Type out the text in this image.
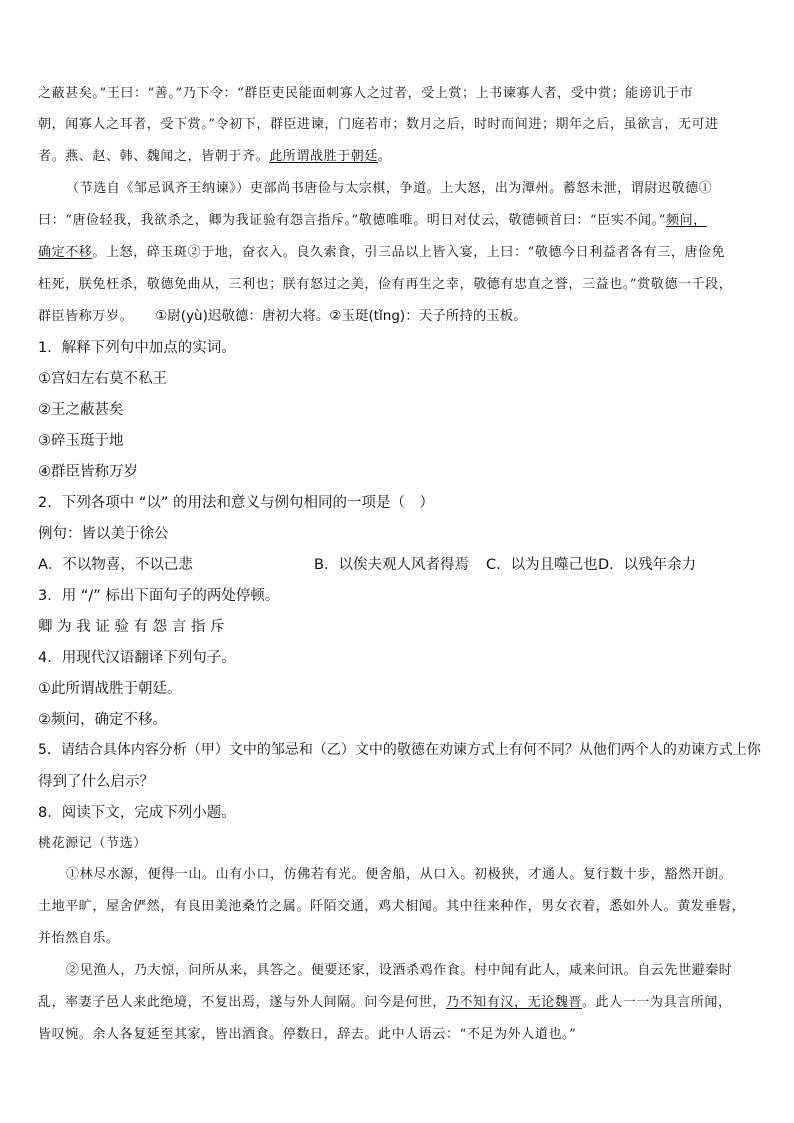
之蔽甚矣。”王曰：“善。”乃下令：“群臣吏民能面刺寡人之过者，受上赏；上书谏寡人者，受中赏；能谤讥于市
朝，闻寡人之耳者，受下赏。”令初下，群臣进谏，门庭若市；数月之后，时时而间进；期年之后，虽欲言，无可进
者。燕、赵、韩、魏闻之，皆朝于齐。此所谓战胜于朝廷。
（节选自《邹忌讽齐王纳谏》）吏部尚书唐俭与太宗棋，争道。上大怒，出为潭州。蓄怒未泄，谓尉迟敬德①
曰：“唐俭轻我，我欲杀之，卿为我证验有怨言指斥。”敬德唯唯。明日对仗云，敬德顿首曰：“臣实不闻。”频问，
确定不移。上怒，碎玉斑②于地，奋衣入。良久索食，引三品以上皆入宴，上曰：“敬德今日利益者各有三，唐俭免
枉死，朕免枉杀，敬德免曲从，三利也；朕有怒过之美，俭有再生之幸，敬德有忠直之誉，三益也。”赏敬德一千段，
群臣皆称万岁。 ①尉(yù)迟敬德：唐初大将。②玉珽(tǐng)：天子所持的玉板。
1．解释下列句中加点的实词。
①宫妇左右莫不私王
②王之蔽甚矣
③碎玉珽于地
④群臣皆称万岁
2．下列各项中 “以” 的用法和意义与例句相同的一项是（　）
例句：皆以美于徐公
A．不以物喜，不以己悲	B．以俟夫观人风者得焉 C．以为且噬己也 D．以残年余力
3．用 “/” 标出下面句子的两处停顿。
卿 为 我 证 验 有 怨 言 指 斥
4．用现代汉语翻译下列句子。
①此所谓战胜于朝廷。
②频问，确定不移。
5．请结合具体内容分析（甲）文中的邹忌和（乙）文中的敬德在劝谏方式上有何不同？从他们两个人的劝谏方式上你
得到了什么启示？
8．阅读下文，完成下列小题。
桃花源记（节选）
①林尽水源，便得一山。山有小口，仿佛若有光。便舍船，从口入。初极狭，才通人。复行数十步，豁然开朗。
土地平旷，屋舍俨然，有良田美池桑竹之属。阡陌交通，鸡犬相闻。其中往来种作，男女衣着，悉如外人。黄发垂髫，
并怡然自乐。
②见渔人，乃大惊，问所从来，具答之。便要还家，设酒杀鸡作食。村中闻有此人，咸来问讯。自云先世避秦时
乱，率妻子邑人来此绝境，不复出焉，遂与外人间隔。问今是何世，乃不知有汉，无论魏晋。此人一一为具言所闻，
皆叹惋。余人各复延至其家，皆出酒食。停数日，辞去。此中人语云：“不足为外人道也。”
